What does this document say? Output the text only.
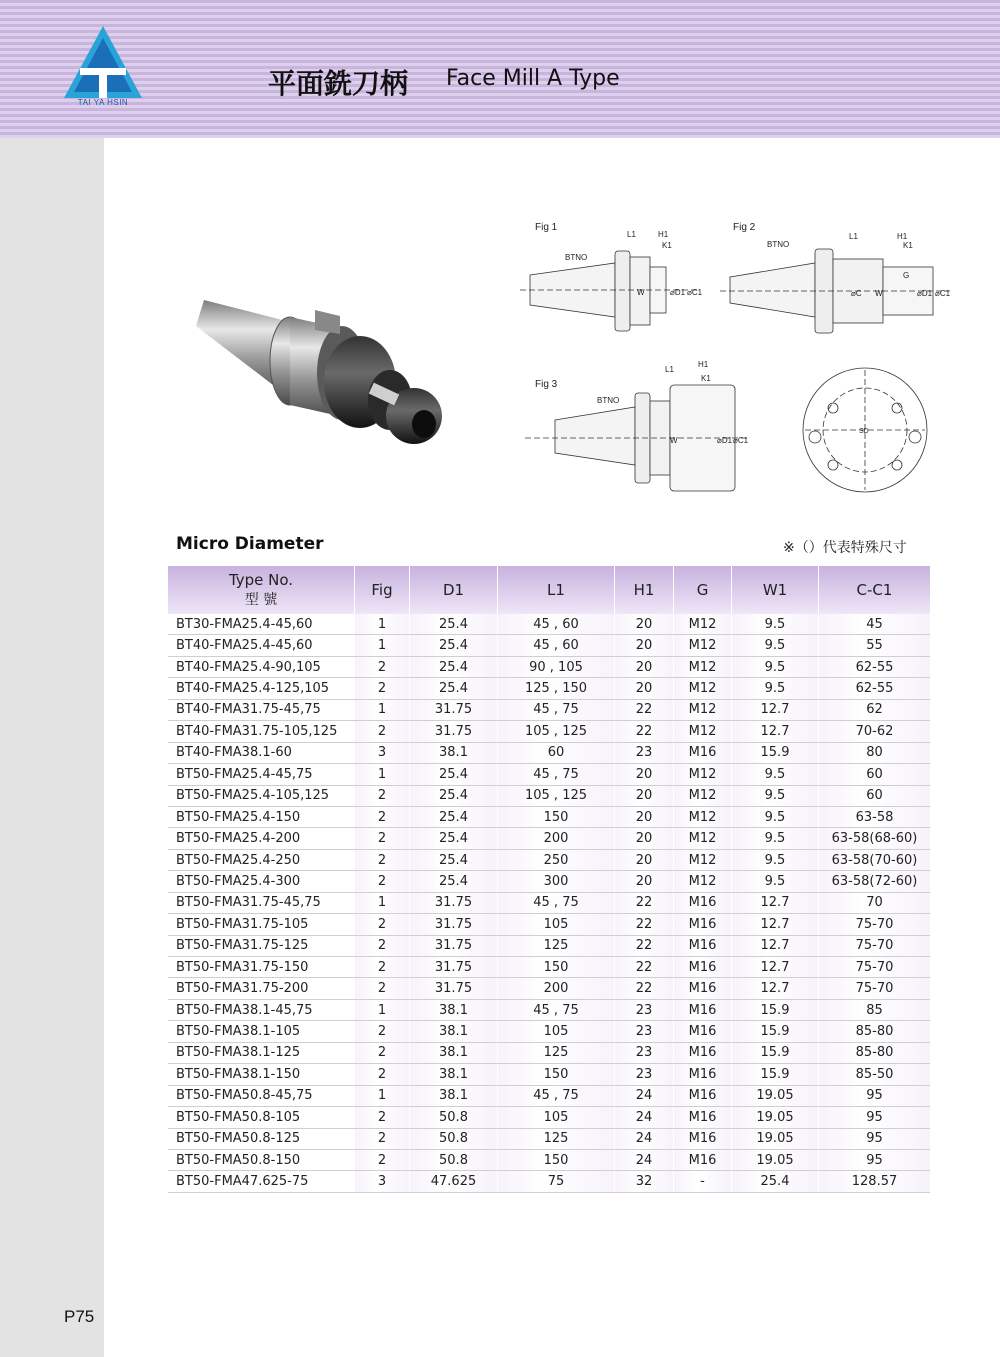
TAI YA HSIN
平面銑刀柄 Face Mill A Type
WEY JUAN TECHNOLOGY
Fig 1
BTNO
L1	H1
K1
W	⌀D1 ⌀C1
Fig 2
BTNO
L1	H1
K1
G
W
⌀C	⌀D1 ⌀C1
Fig 3
BTNO
L1
H1
K1
W	⌀D1 ⌀C1
SD
Micro Diameter	※（）代表特殊尺寸
Type No.
型 號	Fig	D1	L1	H1	G	W1	C-C1
BT30-FMA25.4-45,60	1	25.4	45 , 60	20	M12	9.5	45
BT40-FMA25.4-45,60	1	25.4	45 , 60	20	M12	9.5	55
BT40-FMA25.4-90,105	2	25.4	90 , 105	20	M12	9.5	62-55
BT40-FMA25.4-125,105	2	25.4	125 , 150	20	M12	9.5	62-55
BT40-FMA31.75-45,75	1	31.75	45 , 75	22	M12	12.7	62
BT40-FMA31.75-105,125	2	31.75	105 , 125	22	M12	12.7	70-62
BT40-FMA38.1-60	3	38.1	60	23	M16	15.9	80
BT50-FMA25.4-45,75	1	25.4	45 , 75	20	M12	9.5	60
BT50-FMA25.4-105,125	2	25.4	105 , 125	20	M12	9.5	60
BT50-FMA25.4-150	2	25.4	150	20	M12	9.5	63-58
BT50-FMA25.4-200	2	25.4	200	20	M12	9.5	63-58(68-60)
BT50-FMA25.4-250	2	25.4	250	20	M12	9.5	63-58(70-60)
BT50-FMA25.4-300	2	25.4	300	20	M12	9.5	63-58(72-60)
BT50-FMA31.75-45,75	1	31.75	45 , 75	22	M16	12.7	70
BT50-FMA31.75-105	2	31.75	105	22	M16	12.7	75-70
BT50-FMA31.75-125	2	31.75	125	22	M16	12.7	75-70
BT50-FMA31.75-150	2	31.75	150	22	M16	12.7	75-70
BT50-FMA31.75-200	2	31.75	200	22	M16	12.7	75-70
BT50-FMA38.1-45,75	1	38.1	45 , 75	23	M16	15.9	85
BT50-FMA38.1-105	2	38.1	105	23	M16	15.9	85-80
BT50-FMA38.1-125	2	38.1	125	23	M16	15.9	85-80
BT50-FMA38.1-150	2	38.1	150	23	M16	15.9	85-50
BT50-FMA50.8-45,75	1	38.1	45 , 75	24	M16	19.05	95
BT50-FMA50.8-105	2	50.8	105	24	M16	19.05	95
BT50-FMA50.8-125	2	50.8	125	24	M16	19.05	95
BT50-FMA50.8-150	2	50.8	150	24	M16	19.05	95
BT50-FMA47.625-75	3	47.625	75	32	-	25.4	128.57
P75
